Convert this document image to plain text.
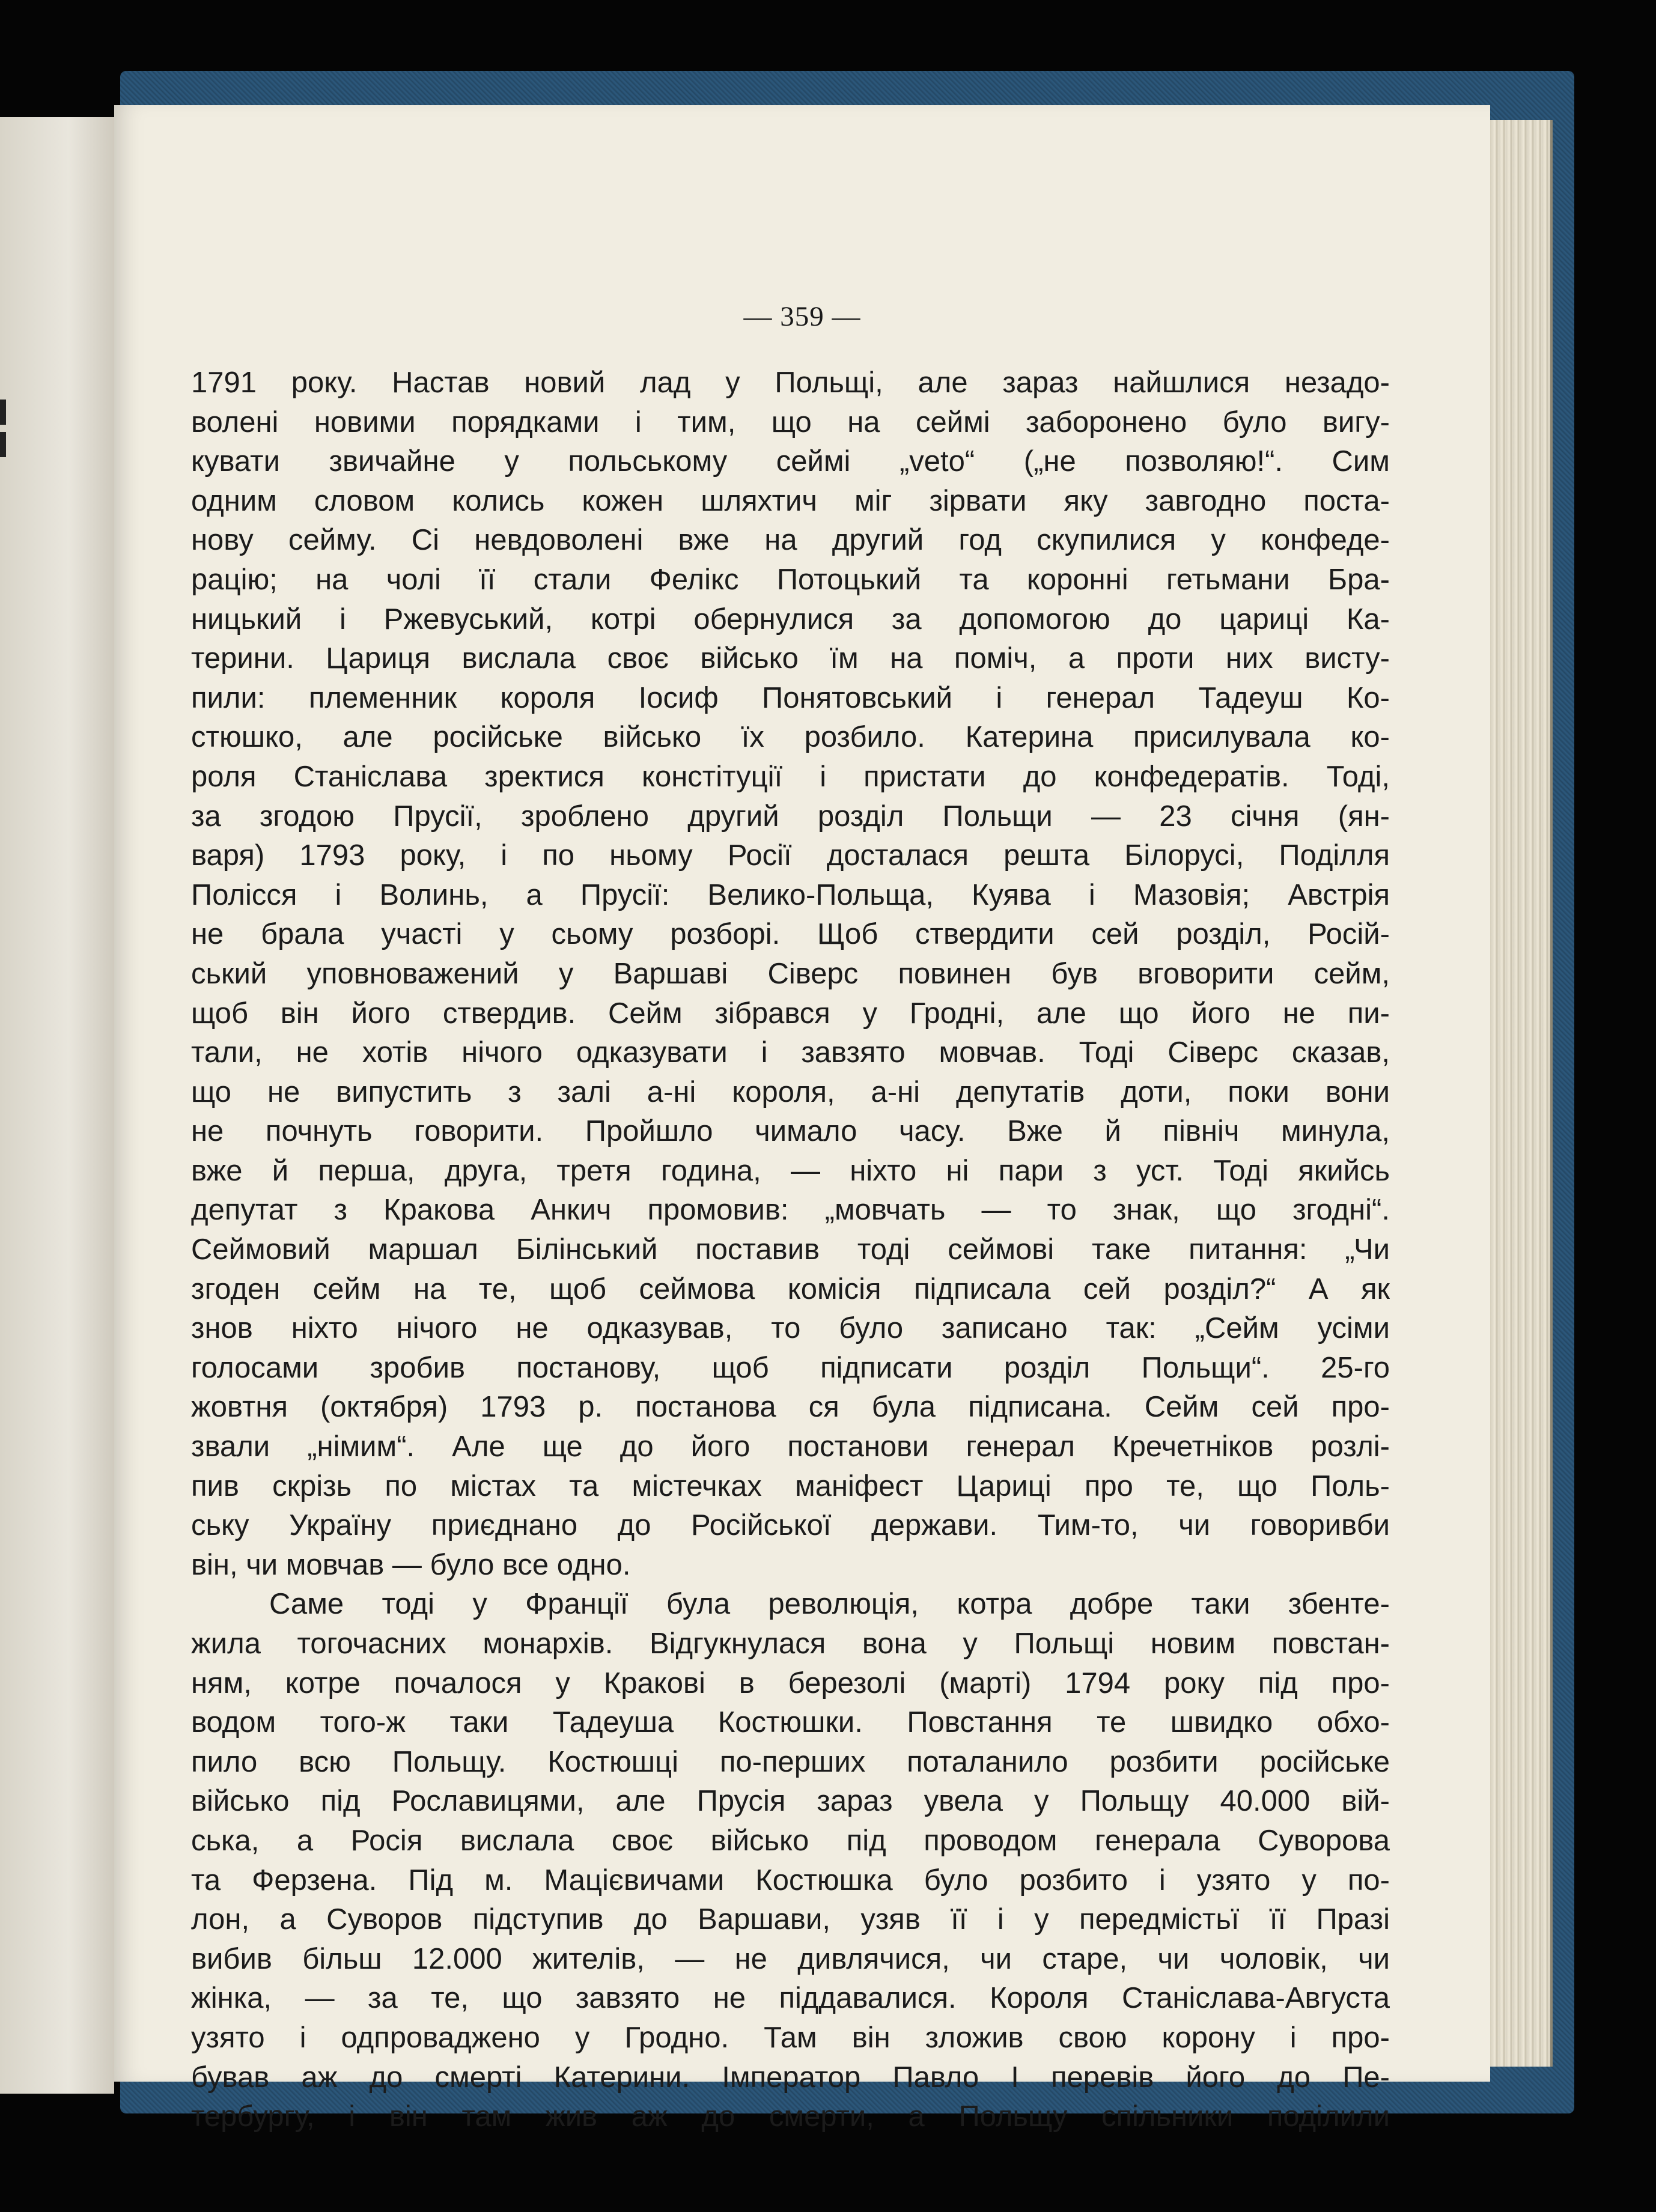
— 359 —
1791 року. Настав новий лад у Польщі, але зараз найшлися незадо-
волені новими порядками і тим, що на сеймі заборонено було вигу-
кувати звичайне у польському сеймі „veto“ („не позволяю!“. Сим
одним словом колись кожен шляхтич міг зірвати яку завгодно поста-
нову сейму. Сі невдоволені вже на другий год скупилися у конфеде-
рацію; на чолі її стали Фелікс Потоцький та коронні гетьмани Бра-
ницький і Ржевуський, котрі обернулися за допомогою до цариці Ка-
терини. Цариця вислала своє військо їм на поміч, а проти них висту-
пили: племенник короля Іосиф Понятовський і генерал Тадеуш Ко-
стюшко, але російське військо їх розбило. Катерина присилувала ко-
роля Станіслава зректися констітуції і пристати до конфедератів. Тоді,
за згодою Прусії, зроблено другий розділ Польщи — 23 січня (ян-
варя) 1793 року, і по ньому Росії досталася решта Білорусі, Поділля
Полісся і Волинь, а Прусії: Велико-Польща, Куява і Мазовія; Австрія
не брала участі у сьому розборі. Щоб ствердити сей розділ, Росій-
ський уповноважений у Варшаві Сіверс повинен був вговорити сейм,
щоб він його ствердив. Сейм зібрався у Гродні, але що його не пи-
тали, не хотів нічого одказувати і завзято мовчав. Тоді Сіверс сказав,
що не випустить з залі а-ні короля, а-ні депутатів доти, поки вони
не почнуть говорити. Пройшло чимало часу. Вже й північ минула,
вже й перша, друга, третя година, — ніхто ні пари з уст. Тоді якийсь
депутат з Кракова Анкич промовив: „мовчать — то знак, що згодні“.
Сеймовий маршал Білінський поставив тоді сеймові таке питання: „Чи
згоден сейм на те, щоб сеймова комісія підписала сей розділ?“ А як
знов ніхто нічого не одказував, то було записано так: „Сейм усіми
голосами зробив постанову, щоб підписати розділ Польщи“. 25-го
жовтня (октября) 1793 р. постанова ся була підписана. Сейм сей про-
звали „німим“. Але ще до його постанови генерал Кречетніков розлі-
пив скрізь по містах та містечках маніфест Цариці про те, що Поль-
ську Україну приєднано до Російської держави. Тим-то, чи говоривби
він, чи мовчав — було все одно.
Саме тоді у Франції була революція, котра добре таки збенте-
жила тогочасних монархів. Відгукнулася вона у Польщі новим повстан-
ням, котре почалося у Кракові в березолі (марті) 1794 року під про-
водом того-ж таки Тадеуша Костюшки. Повстання те швидко обхо-
пило всю Польщу. Костюшці по-перших поталанило розбити російське
військо під Рославицями, але Прусія зараз увела у Польщу 40.000 вій-
ська, а Росія вислала своє військо під проводом генерала Суворова
та Ферзена. Під м. Мацієвичами Костюшка було розбито і узято у по-
лон, а Суворов підступив до Варшави, узяв її і у передмістьї її Празі
вибив більш 12.000 жителів, — не дивлячися, чи старе, чи чоловік, чи
жінка, — за те, що завзято не піддавалися. Короля Станіслава-Августа
узято і одпроваджено у Гродно. Там він зложив свою корону і про-
бував аж до смерті Катерини. Імператор Павло І перевів його до Пе-
тербургу, і він там жив аж до смерти, а Польщу спільники поділили
